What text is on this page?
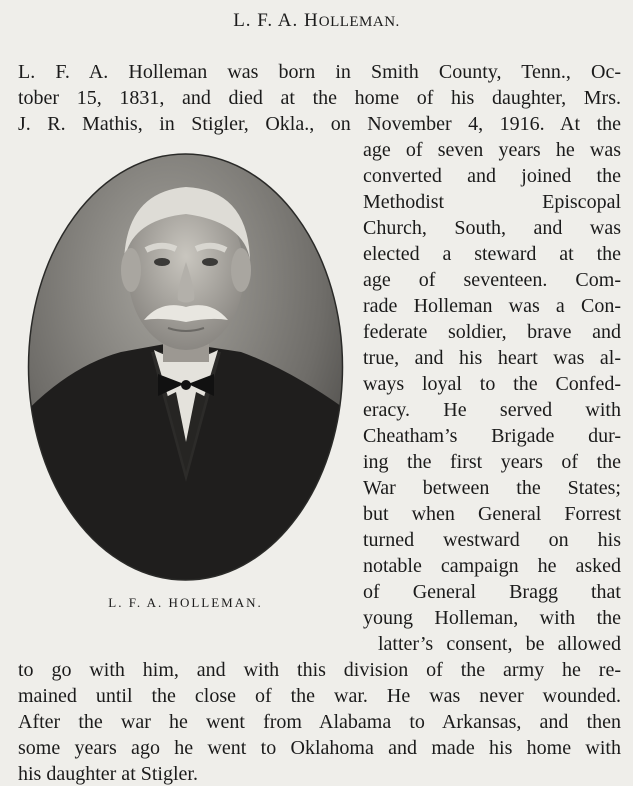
L. F. A. HOLLEMAN.
L. F. A. Holleman was born in Smith County, Tenn., Oc-
tober 15, 1831, and died at the home of his daughter, Mrs.
J. R. Mathis, in Stigler, Okla., on November 4, 1916. At the
age of seven years he was
converted and joined the
Methodist Episcopal
Church, South, and was
elected a steward at the
age of seventeen. Com-
rade Holleman was a Con-
federate soldier, brave and
true, and his heart was al-
ways loyal to the Confed-
eracy. He served with
Cheatham’s Brigade dur-
ing the first years of the
War between the States;
but when General Forrest
turned westward on his
notable campaign he asked
of General Bragg that
young Holleman, with the
latter’s consent, be allowed
to go with him, and with this division of the army he re-
mained until the close of the war. He was never wounded.
After the war he went from Alabama to Arkansas, and then
some years ago he went to Oklahoma and made his home with
his daughter at Stigler.
L. F. A. HOLLEMAN.
